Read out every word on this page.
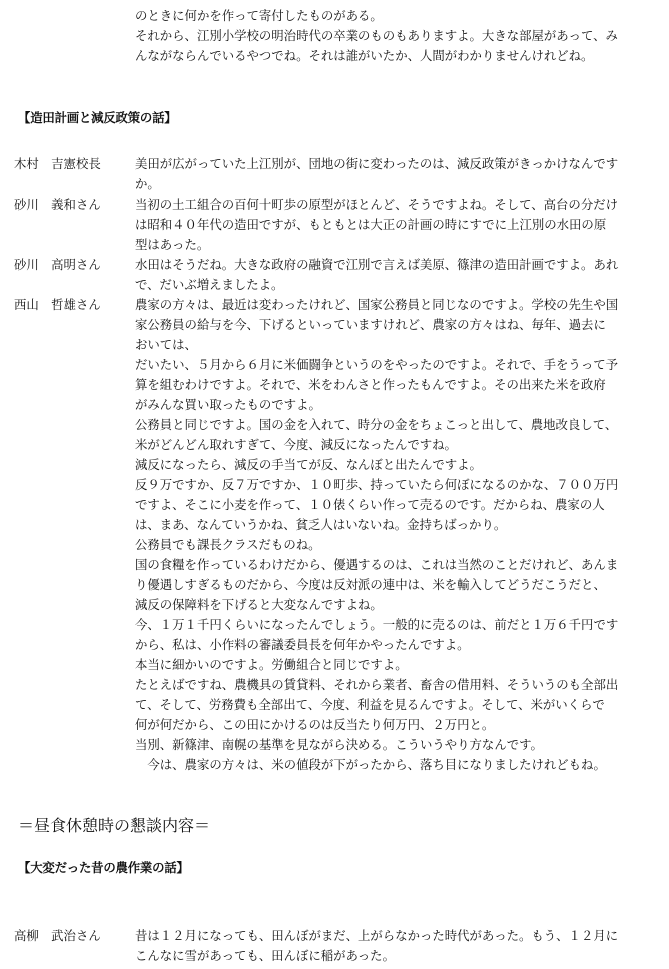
のときに何かを作って寄付したものがある。
それから、江別小学校の明治時代の卒業のものもありますよ。大きな部屋があって、み
んながならんでいるやつでね。それは誰がいたか、人間がわかりませんけれどね。
【造田計画と減反政策の話】
木村　吉憲校長	美田が広がっていた上江別が、団地の街に変わったのは、減反政策がきっかけなんです
か。
砂川　義和さん	当初の土工組合の百何十町歩の原型がほとんど、そうですよね。そして、高台の分だけ
は昭和４０年代の造田ですが、もともとは大正の計画の時にすでに上江別の水田の原
型はあった。
砂川　高明さん	水田はそうだね。大きな政府の融資で江別で言えば美原、篠津の造田計画ですよ。あれ
で、だいぶ増えましたよ。
西山　哲雄さん	農家の方々は、最近は変わったけれど、国家公務員と同じなのですよ。学校の先生や国
家公務員の給与を今、下げるといっていますけれど、農家の方々はね、毎年、過去に
おいては、
だいたい、５月から６月に米価闘争というのをやったのですよ。それで、手をうって予
算を組むわけですよ。それで、米をわんさと作ったもんですよ。その出来た米を政府
がみんな買い取ったものですよ。
公務員と同じですよ。国の金を入れて、時分の金をちょこっと出して、農地改良して、
米がどんどん取れすぎて、今度、減反になったんですね。
減反になったら、減反の手当てが反、なんぼと出たんですよ。
反９万ですか、反７万ですか、１０町歩、持っていたら何ぼになるのかな、７００万円
ですよ、そこに小麦を作って、１０俵くらい作って売るのです。だからね、農家の人
は、まあ、なんていうかね、貧乏人はいないね。金持ちばっかり。
公務員でも課長クラスだものね。
国の食糧を作っているわけだから、優遇するのは、これは当然のことだけれど、あんま
り優遇しすぎるものだから、今度は反対派の連中は、米を輸入してどうだこうだと、
減反の保障料を下げると大変なんですよね。
今、１万１千円くらいになったんでしょう。一般的に売るのは、前だと１万６千円です
から、私は、小作料の審議委員長を何年かやったんですよ。
本当に細かいのですよ。労働組合と同じですよ。
たとえばですね、農機具の賃貸料、それから業者、畜舎の借用料、そういうのも全部出
て、そして、労務費も全部出て、今度、利益を見るんですよ。そして、米がいくらで
何が何だから、この田にかけるのは反当たり何万円、２万円と。
当別、新篠津、南幌の基準を見ながら決める。こういうやり方なんです。
　今は、農家の方々は、米の値段が下がったから、落ち目になりましたけれどもね。
＝昼食休憩時の懇談内容＝
【大変だった昔の農作業の話】
高柳　武治さん	昔は１２月になっても、田んぼがまだ、上がらなかった時代があった。もう、１２月に
こんなに雪があっても、田んぼに稲があった。
